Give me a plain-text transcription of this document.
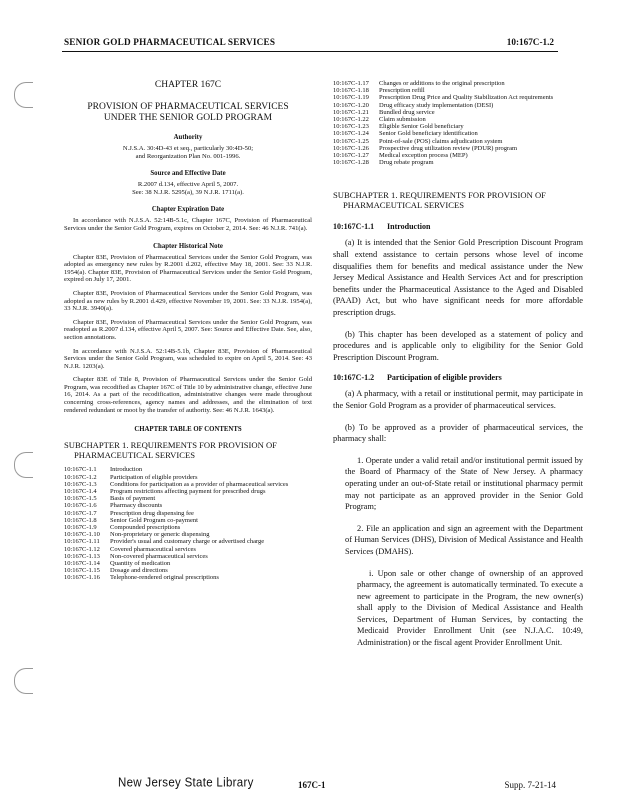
SENIOR GOLD PHARMACEUTICAL SERVICES	10:167C-1.2
CHAPTER 167C
PROVISION OF PHARMACEUTICAL SERVICES
UNDER THE SENIOR GOLD PROGRAM
Authority
N.J.S.A. 30:4D-43 et seq., particularly 30:4D-50;
and Reorganization Plan No. 001-1996.
Source and Effective Date
R.2007 d.134, effective April 5, 2007.
See: 38 N.J.R. 5295(a), 39 N.J.R. 1711(a).
Chapter Expiration Date

In accordance with N.J.S.A. 52:14B-5.1c, Chapter 167C, Provision of Pharmaceutical Services under the Senior Gold Program, expires on October 2, 2014. See: 46 N.J.R. 741(a).

Chapter Historical Note

Chapter 83E, Provision of Pharmaceutical Services under the Senior Gold Program, was adopted as emergency new rules by R.2001 d.202, effective May 18, 2001. See: 33 N.J.R. 1954(a). Chapter 83E, Provision of Pharmaceutical Services under the Senior Gold Program, expired on July 17, 2001.

Chapter 83E, Provision of Pharmaceutical Services under the Senior Gold Program, was adopted as new rules by R.2001 d.429, effective November 19, 2001. See: 33 N.J.R. 1954(a), 33 N.J.R. 3940(a).

Chapter 83E, Provision of Pharmaceutical Services under the Senior Gold Program, was readopted as R.2007 d.134, effective April 5, 2007. See: Source and Effective Date. See, also, section annotations.

In accordance with N.J.S.A. 52:14B-5.1b, Chapter 83E, Provision of Pharmaceutical Services under the Senior Gold Program, was scheduled to expire on April 5, 2014. See: 43 N.J.R. 1203(a).

Chapter 83E of Title 8, Provision of Pharmaceutical Services under the Senior Gold Program, was recodified as Chapter 167C of Title 10 by administrative change, effective June 16, 2014. As a part of the recodification, administrative changes were made throughout concerning cross-references, agency names and addresses, and the elimination of text rendered redundant or moot by the transfer of authority. See: 46 N.J.R. 1643(a).

CHAPTER TABLE OF CONTENTS
SUBCHAPTER 1. REQUIREMENTS FOR PROVISION OF PHARMACEUTICAL SERVICES
10:167C-1.1	Introduction
10:167C-1.2	Participation of eligible providers
10:167C-1.3	Conditions for participation as a provider of pharmaceutical services
10:167C-1.4	Program restrictions affecting payment for prescribed drugs
10:167C-1.5	Basis of payment
10:167C-1.6	Pharmacy discounts
10:167C-1.7	Prescription drug dispensing fee
10:167C-1.8	Senior Gold Program co-payment
10:167C-1.9	Compounded prescriptions
10:167C-1.10	Non-proprietary or generic dispensing
10:167C-1.11	Provider's usual and customary charge or advertised charge
10:167C-1.12	Covered pharmaceutical services
10:167C-1.13	Non-covered pharmaceutical services
10:167C-1.14	Quantity of medication
10:167C-1.15	Dosage and directions
10:167C-1.16	Telephone-rendered original prescriptions
10:167C-1.17	Changes or additions to the original prescription
10:167C-1.18	Prescription refill
10:167C-1.19	Prescription Drug Price and Quality Stabilization Act requirements
10:167C-1.20	Drug efficacy study implementation (DESI)
10:167C-1.21	Bundled drug service
10:167C-1.22	Claim submission
10:167C-1.23	Eligible Senior Gold beneficiary
10:167C-1.24	Senior Gold beneficiary identification
10:167C-1.25	Point-of-sale (POS) claims adjudication system
10:167C-1.26	Prospective drug utilization review (PDUR) program
10:167C-1.27	Medical exception process (MEP)
10:167C-1.28	Drug rebate program
SUBCHAPTER 1. REQUIREMENTS FOR PROVISION OF PHARMACEUTICAL SERVICES
10:167C-1.1 Introduction

(a) It is intended that the Senior Gold Prescription Discount Program shall extend assistance to certain persons whose level of income disqualifies them for benefits and medical assistance under the New Jersey Medical Assistance and Health Services Act and for prescription benefits under the Pharmaceutical Assistance to the Aged and Disabled (PAAD) Act, but who have significant needs for more affordable prescription drugs.

(b) This chapter has been developed as a statement of policy and procedures and is applicable only to eligibility for the Senior Gold Prescription Discount Program.

10:167C-1.2 Participation of eligible providers

(a) A pharmacy, with a retail or institutional permit, may participate in the Senior Gold Program as a provider of pharmaceutical services.

(b) To be approved as a provider of pharmaceutical services, the pharmacy shall:

1. Operate under a valid retail and/or institutional permit issued by the Board of Pharmacy of the State of New Jersey. A pharmacy operating under an out-of-State retail or institutional pharmacy permit may not participate as an approved provider in the Senior Gold Program;

2. File an application and sign an agreement with the Department of Human Services (DHS), Division of Medical Assistance and Health Services (DMAHS).

i. Upon sale or other change of ownership of an approved pharmacy, the agreement is automatically terminated. To execute a new agreement to participate in the Program, the new owner(s) shall apply to the Division of Medical Assistance and Health Services, Department of Human Services, by contacting the Medicaid Provider Enrollment Unit (see N.J.A.C. 10:49, Administration) or the fiscal agent Provider Enrollment Unit.

New Jersey State Library	167C-1	Supp. 7-21-14
